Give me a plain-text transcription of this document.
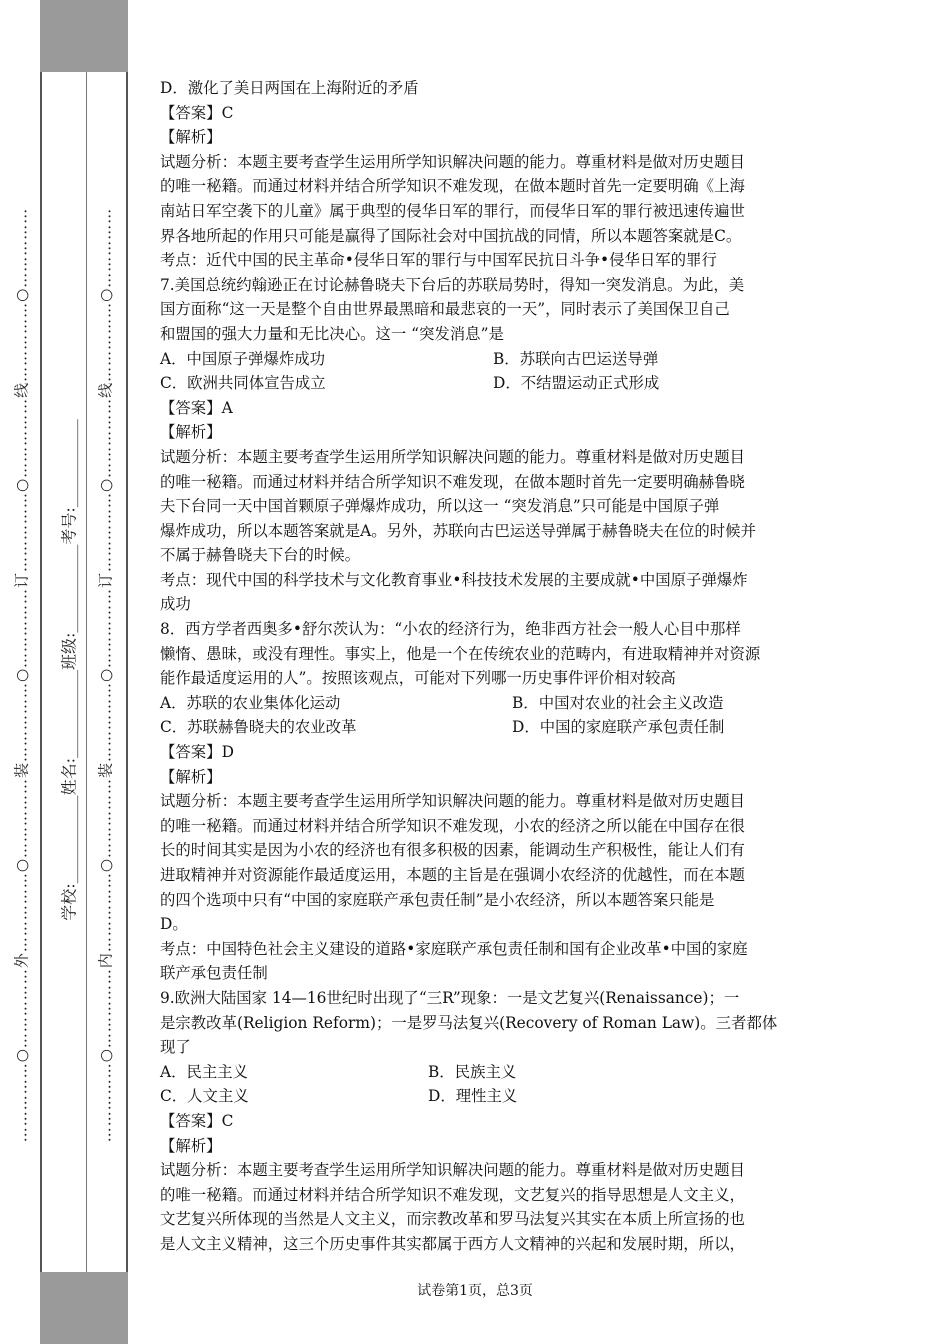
……………○……………外……………○……………装……………○……………订……………○……………线……………○……………	……………○……………内……………○……………装……………○……………订……………○……………线……………○……………
学校:___________姓名:___________班级:___________考号:___________

D．激化了美日两国在上海附近的矛盾

【答案】C

【解析】

试题分析：本题主要考查学生运用所学知识解决问题的能力。尊重材料是做对历史题目

的唯一秘籍。而通过材料并结合所学知识不难发现，在做本题时首先一定要明确《上海

南站日军空袭下的儿童》属于典型的侵华日军的罪行，而侵华日军的罪行被迅速传遍世

界各地所起的作用只可能是赢得了国际社会对中国抗战的同情，所以本题答案就是C。

考点：近代中国的民主革命•侵华日军的罪行与中国军民抗日斗争•侵华日军的罪行

7.美国总统约翰逊正在讨论赫鲁晓夫下台后的苏联局势时，得知一突发消息。为此，美

国方面称“这一天是整个自由世界最黑暗和最悲哀的一天”，同时表示了美国保卫自己

和盟国的强大力量和无比决心。这一 “突发消息”是

A．中国原子弹爆炸成功	B．苏联向古巴运送导弹
C．欧洲共同体宣告成立	D．不结盟运动正式形成

【答案】A

【解析】

试题分析：本题主要考查学生运用所学知识解决问题的能力。尊重材料是做对历史题目

的唯一秘籍。而通过材料并结合所学知识不难发现，在做本题时首先一定要明确赫鲁晓

夫下台同一天中国首颗原子弹爆炸成功，所以这一 “突发消息”只可能是中国原子弹

爆炸成功，所以本题答案就是A。另外，苏联向古巴运送导弹属于赫鲁晓夫在位的时候并

不属于赫鲁晓夫下台的时候。

考点：现代中国的科学技术与文化教育事业•科技技术发展的主要成就•中国原子弹爆炸

成功

8．西方学者西奥多•舒尔茨认为：“小农的经济行为，绝非西方社会一般人心目中那样

懒惰、愚昧，或没有理性。事实上，他是一个在传统农业的范畴内，有进取精神并对资源

能作最适度运用的人”。按照该观点，可能对下列哪一历史事件评价相对较高

A．苏联的农业集体化运动	B．中国对农业的社会主义改造
C．苏联赫鲁晓夫的农业改革	D．中国的家庭联产承包责任制

【答案】D

【解析】

试题分析：本题主要考查学生运用所学知识解决问题的能力。尊重材料是做对历史题目

的唯一秘籍。而通过材料并结合所学知识不难发现，小农的经济之所以能在中国存在很

长的时间其实是因为小农的经济也有很多积极的因素，能调动生产积极性，能让人们有

进取精神并对资源能作最适度运用，本题的主旨是在强调小农经济的优越性，而在本题

的四个选项中只有“中国的家庭联产承包责任制”是小农经济，所以本题答案只能是

D。

考点：中国特色社会主义建设的道路•家庭联产承包责任制和国有企业改革•中国的家庭

联产承包责任制

9.欧洲大陆国家 14—16世纪时出现了“三R”现象：一是文艺复兴(Renaissance)；一

是宗教改革(Religion Reform)；一是罗马法复兴(Recovery of Roman Law)。三者都体

现了

A．民主主义	B．民族主义
C．人文主义	D．理性主义

【答案】C

【解析】

试题分析：本题主要考查学生运用所学知识解决问题的能力。尊重材料是做对历史题目

的唯一秘籍。而通过材料并结合所学知识不难发现，文艺复兴的指导思想是人文主义，

文艺复兴所体现的当然是人文主义，而宗教改革和罗马法复兴其实在本质上所宣扬的也

是人文主义精神，这三个历史事件其实都属于西方人文精神的兴起和发展时期，所以，

试卷第1页，总3页
